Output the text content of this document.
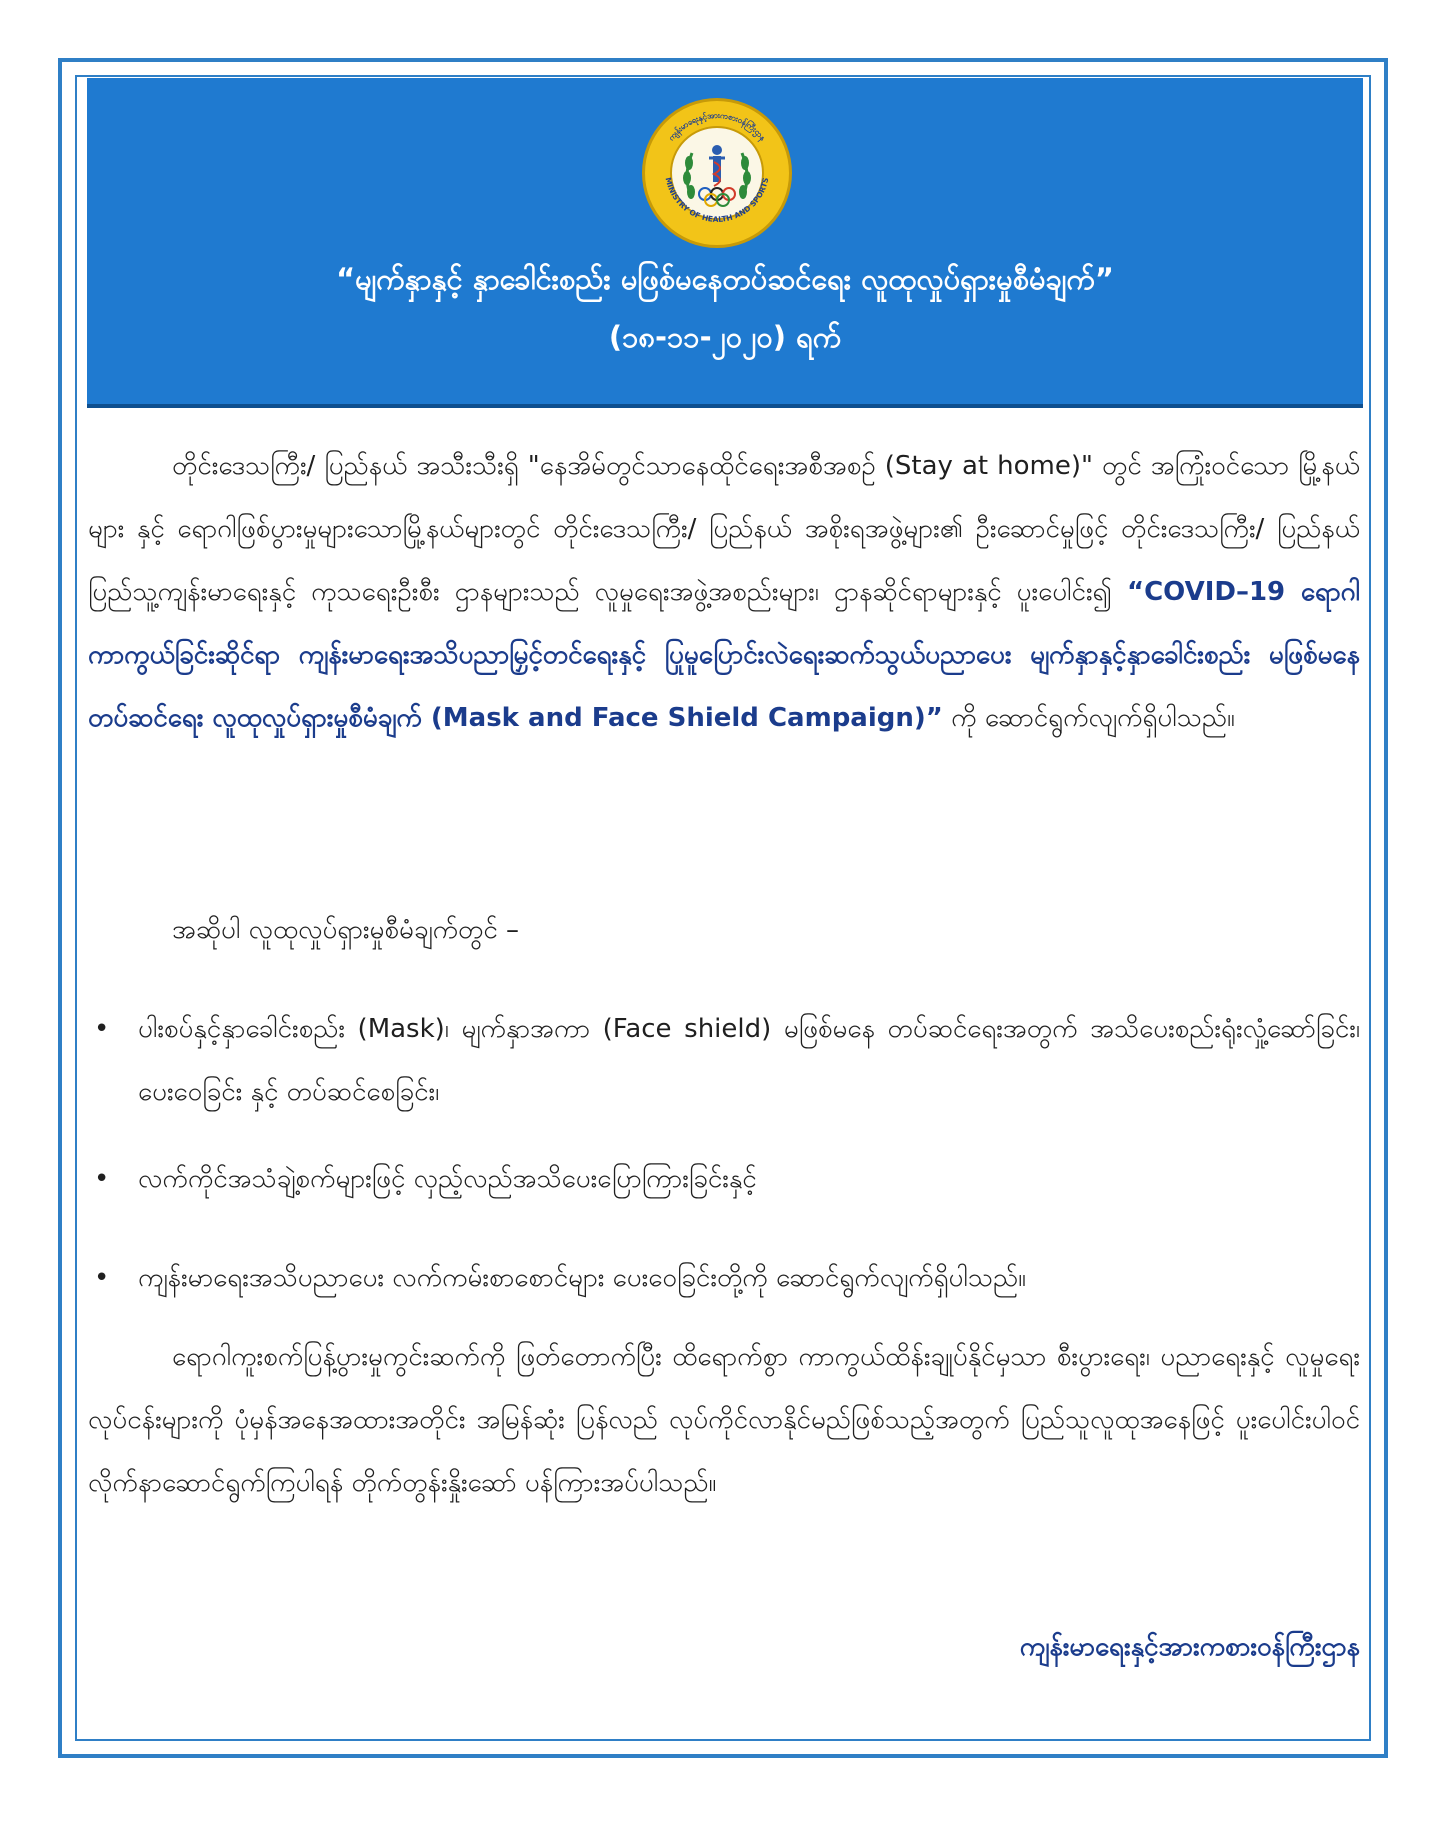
ကျန်းမာရေးနှင့်အားကစားဝန်ကြီးဌာန
MINISTRY OF HEALTH AND SPORTS
“မျက်နှာနှင့် နှာခေါင်းစည်း မဖြစ်မနေတပ်ဆင်ရေး လူထုလှုပ်ရှားမှုစီမံချက်”
(၁၈-၁၁-၂၀၂၀) ရက်
တိုင်းဒေသကြီး/ ပြည်နယ် အသီးသီးရှိ "နေအိမ်တွင်သာနေထိုင်ရေးအစီအစဉ် (Stay at home)" တွင် အကြုံးဝင်သော မြို့နယ်များ နှင့် ရောဂါဖြစ်ပွားမှုများသောမြို့နယ်များတွင် တိုင်းဒေသကြီး/ ပြည်နယ် အစိုးရအဖွဲ့များ၏ ဦးဆောင်မှုဖြင့် တိုင်းဒေသကြီး/ ပြည်နယ်ပြည်သူ့ကျန်းမာရေးနှင့် ကုသရေးဦးစီး ဌာနများသည် လူမှုရေးအဖွဲ့အစည်းများ၊ ဌာနဆိုင်ရာများနှင့် ပူးပေါင်း၍ “COVID–19 ရောဂါ ကာကွယ်ခြင်းဆိုင်ရာ ကျန်းမာရေးအသိပညာမြှင့်တင်ရေးနှင့် ပြုမူပြောင်းလဲရေးဆက်သွယ်ပညာပေး မျက်နှာနှင့်နှာခေါင်းစည်း မဖြစ်မနေတပ်ဆင်ရေး လူထုလှုပ်ရှားမှုစီမံချက် (Mask and Face Shield Campaign)” ကို ဆောင်ရွက်လျက်ရှိပါသည်။
အဆိုပါ လူထုလှုပ်ရှားမှုစီမံချက်တွင် –
• ပါးစပ်နှင့်နှာခေါင်းစည်း (Mask)၊ မျက်နှာအကာ (Face shield) မဖြစ်မနေ တပ်ဆင်ရေးအတွက် အသိပေးစည်းရုံးလှုံ့ဆော်ခြင်း၊ ပေးဝေခြင်း နှင့် တပ်ဆင်စေခြင်း၊
• လက်ကိုင်အသံချဲ့စက်များဖြင့် လှည့်လည်အသိပေးပြောကြားခြင်းနှင့်
• ကျန်းမာရေးအသိပညာပေး လက်ကမ်းစာစောင်များ ပေးဝေခြင်းတို့ကို ဆောင်ရွက်လျက်ရှိပါသည်။
ရောဂါကူးစက်ပြန့်ပွားမှုကွင်းဆက်ကို ဖြတ်တောက်ပြီး ထိရောက်စွာ ကာကွယ်ထိန်းချုပ်နိုင်မှသာ စီးပွားရေး၊ ပညာရေးနှင့် လူမှုရေးလုပ်ငန်းများကို ပုံမှန်အနေအထားအတိုင်း အမြန်ဆုံး ပြန်လည် လုပ်ကိုင်လာနိုင်မည်ဖြစ်သည့်အတွက် ပြည်သူလူထုအနေဖြင့် ပူးပေါင်းပါဝင် လိုက်နာဆောင်ရွက်ကြပါရန် တိုက်တွန်းနှိုးဆော် ပန်ကြားအပ်ပါသည်။
ကျန်းမာရေးနှင့်အားကစားဝန်ကြီးဌာန
